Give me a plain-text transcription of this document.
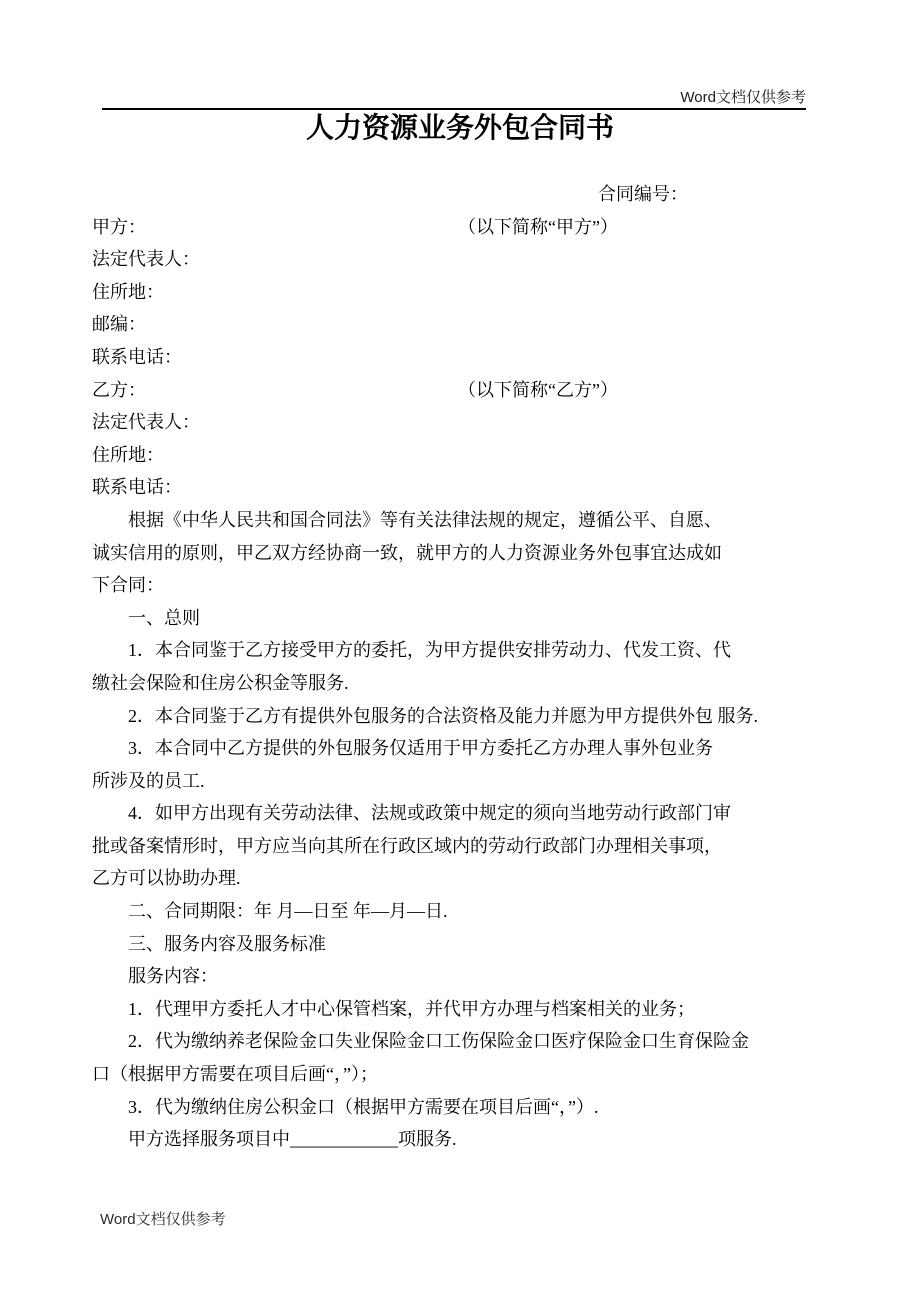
Word文档仅供参考
人力资源业务外包合同书

合同编号：

甲方：	（以下简称“甲方”）

法定代表人：

住所地：

邮编：

联系电话：

乙方：	（以下简称“乙方”）

法定代表人：

住所地：

联系电话：

根据《中华人民共和国合同法》等有关法律法规的规定，遵循公平、自愿、

诚实信用的原则，甲乙双方经协商一致，就甲方的人力资源业务外包事宜达成如

下合同：

一、总则

1．本合同鉴于乙方接受甲方的委托，为甲方提供安排劳动力、代发工资、代

缴社会保险和住房公积金等服务.

2．本合同鉴于乙方有提供外包服务的合法资格及能力并愿为甲方提供外包 服务.

3．本合同中乙方提供的外包服务仅适用于甲方委托乙方办理人事外包业务

所涉及的员工.

4．如甲方出现有关劳动法律、法规或政策中规定的须向当地劳动行政部门审

批或备案情形时，甲方应当向其所在行政区域内的劳动行政部门办理相关事项，

乙方可以协助办理.

二、合同期限：年 月—日至 年—月—日.

三、服务内容及服务标准

服务内容：

1．代理甲方委托人才中心保管档案，并代甲方办理与档案相关的业务；

2．代为缴纳养老保险金口失业保险金口工伤保险金口医疗保险金口生育保险金

口（根据甲方需要在项目后画“，”）；

3．代为缴纳住房公积金口（根据甲方需要在项目后画“，”）.

甲方选择服务项目中____________项服务.

Word文档仅供参考
